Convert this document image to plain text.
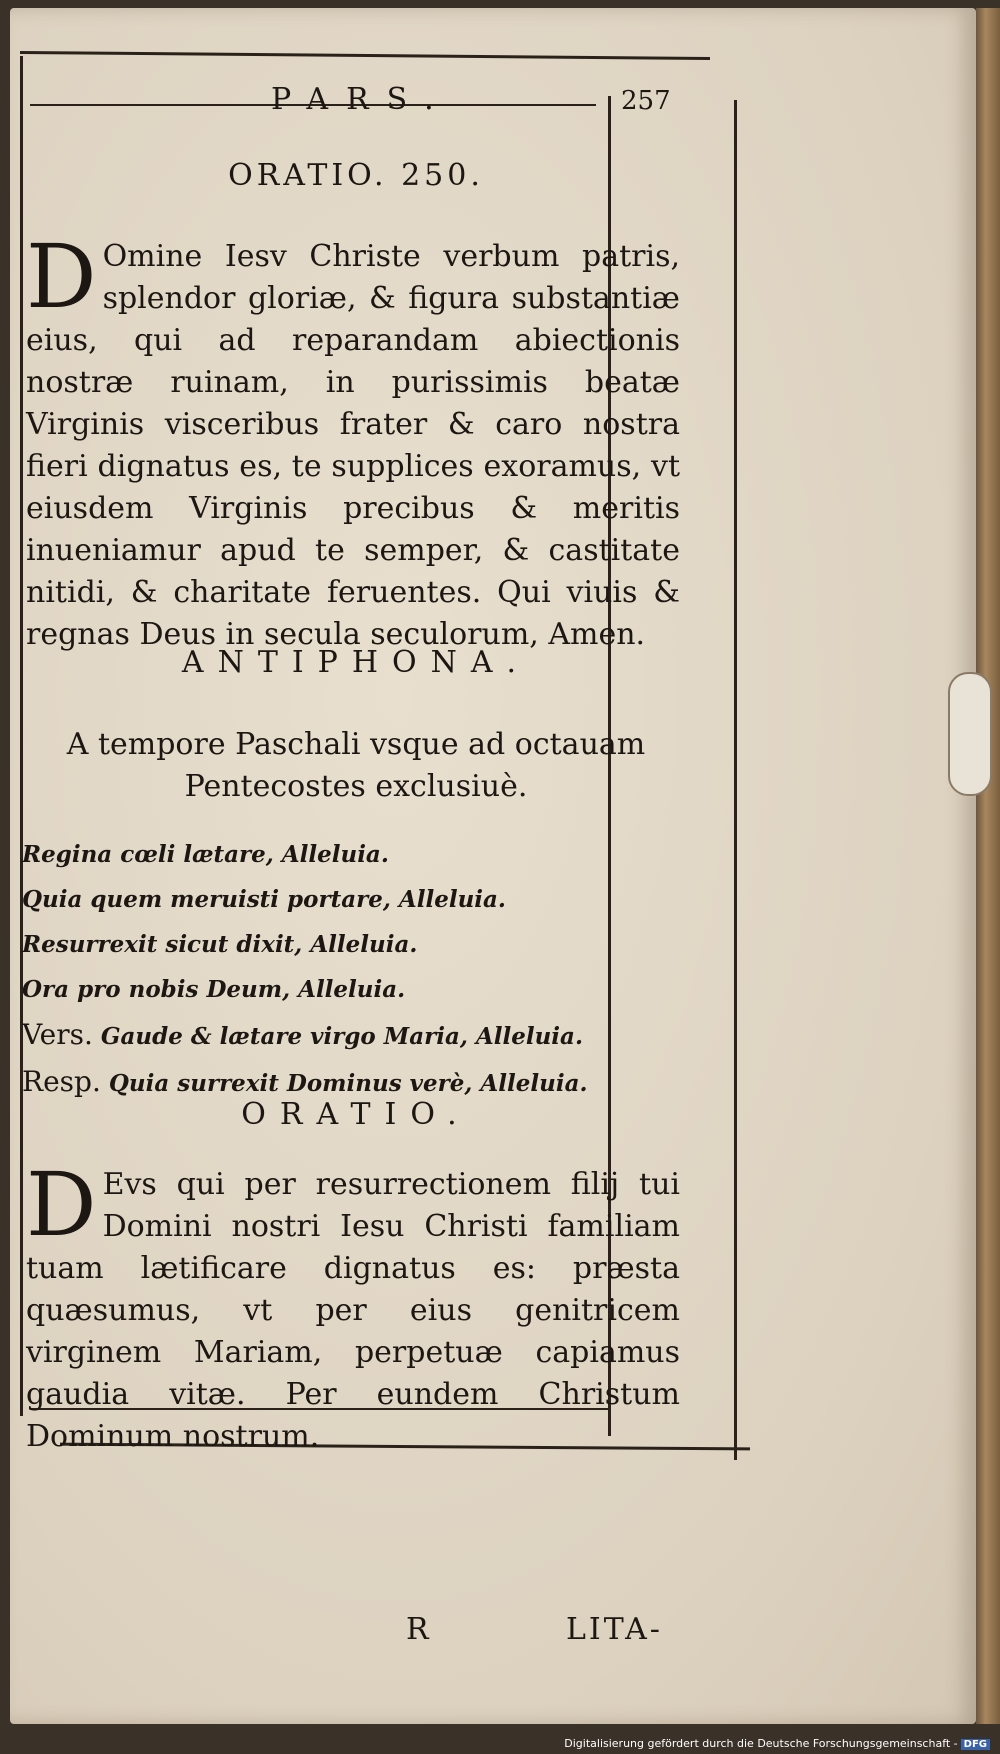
PARS.	257
ORATIO. 250.
D Omine Iesv Christe verbum patris, splendor gloriæ, & figura substantiæ eius, qui ad reparandam abiectionis nostræ ruinam, in purissimis beatæ Virginis visceribus frater & caro nostra fieri dignatus es, te supplices exoramus, vt eiusdem Virginis precibus & meritis inueniamur apud te semper, & castitate nitidi, & charitate feruentes. Qui viuis & regnas Deus in secula seculorum, Amen.
ANTIPHONA.
A tempore Paschali vsque ad octauam
Pentecostes exclusiuè.
Regina cœli lætare, Alleluia.
Quia quem meruisti portare, Alleluia.
Resurrexit sicut dixit, Alleluia.
Ora pro nobis Deum, Alleluia.
Vers. Gaude & lætare virgo Maria, Alleluia.
Resp. Quia surrexit Dominus verè, Alleluia.
ORATIO.
D Evs qui per resurrectionem filij tui Domini nostri Iesu Christi familiam tuam lætificare dignatus es: præsta quæsumus, vt per eius genitricem virginem Mariam, perpetuæ capiamus gaudia vitæ. Per eundem Christum Dominum nostrum.
R	LITA-
Digitalisierung gefördert durch die Deutsche Forschungsgemeinschaft - DFG
